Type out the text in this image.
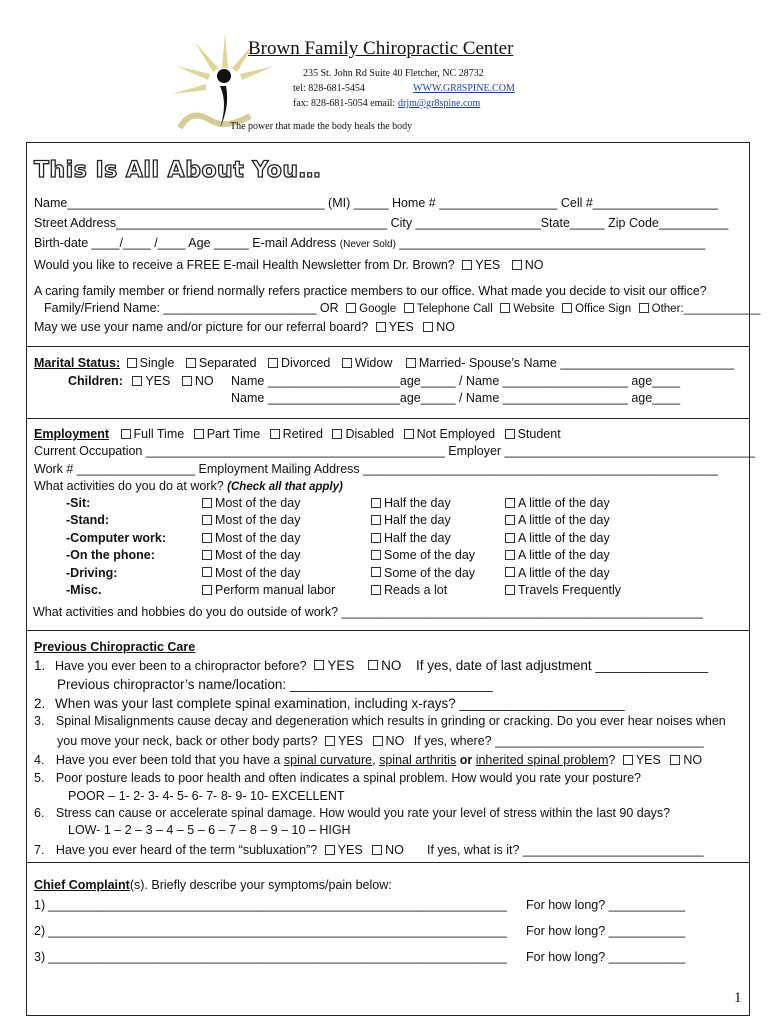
Brown Family Chiropractic Center
235 St. John Rd Suite 40 Fletcher, NC 28732
tel: 828-681-5454	WWW.GR8SPINE.COM
fax: 828-681-5054 email: drjm@gr8spine.com
The power that made the body heals the body
This Is All About You…
Name_____________________________________ (MI) _____ Home # _________________ Cell #__________________
Street Address_______________________________________ City __________________State_____ Zip Code__________
Birth-date ____/____ /____ Age _____ E-mail Address (Never Sold) ____________________________________________
Would you like to receive a FREE E-mail Health Newsletter from Dr. Brown? YES NO
A caring family member or friend normally refers practice members to our office. What made you decide to visit our office?
Family/Friend Name: ______________________ OR Google Telephone Call Website Office Sign Other:____________
May we use your name and/or picture for our referral board? YES NO
Marital Status: Single Separated Divorced Widow Married- Spouse’s Name _________________________
Children: YES NO Name ___________________age_____ / Name __________________ age____
Name ___________________age_____ / Name __________________ age____
Employment Full Time Part Time Retired Disabled Not Employed Student
Current Occupation ___________________________________________ Employer ____________________________________
Work # _________________ Employment Mailing Address ___________________________________________________
What activities do you do at work? (Check all that apply)
-Sit:	Most of the day	Half the day	A little of the day
-Stand:	Most of the day	Half the day	A little of the day
-Computer work:	Most of the day	Half the day	A little of the day
-On the phone:	Most of the day	Some of the day	A little of the day
-Driving:	Most of the day	Some of the day	A little of the day
-Misc.	Perform manual labor	Reads a lot	Travels Frequently
What activities and hobbies do you do outside of work? ____________________________________________________
Previous Chiropractic Care
1. Have you ever been to a chiropractor before? YES NO If yes, date of last adjustment _______________
Previous chiropractor’s name/location: ___________________________
2. When was your last complete spinal examination, including x-rays? ______________________
3. Spinal Misalignments cause decay and degeneration which results in grinding or cracking. Do you ever hear noises when
you move your neck, back or other body parts? YES NO If yes, where? ______________________________
4. Have you ever been told that you have a spinal curvature, spinal arthritis or inherited spinal problem? YES NO
5. Poor posture leads to poor health and often indicates a spinal problem. How would you rate your posture?
POOR – 1- 2- 3- 4- 5- 6- 7- 8- 9- 10- EXCELLENT
6. Stress can cause or accelerate spinal damage. How would you rate your level of stress within the last 90 days?
LOW- 1 – 2 – 3 – 4 – 5 – 6 – 7 – 8 – 9 – 10 – HIGH
7. Have you ever heard of the term “subluxation”? YES NO If yes, what is it? __________________________
Chief Complaint(s). Briefly describe your symptoms/pain below:
1) __________________________________________________________________ For how long? ___________
2) __________________________________________________________________ For how long? ___________
3) __________________________________________________________________ For how long? ___________
1
